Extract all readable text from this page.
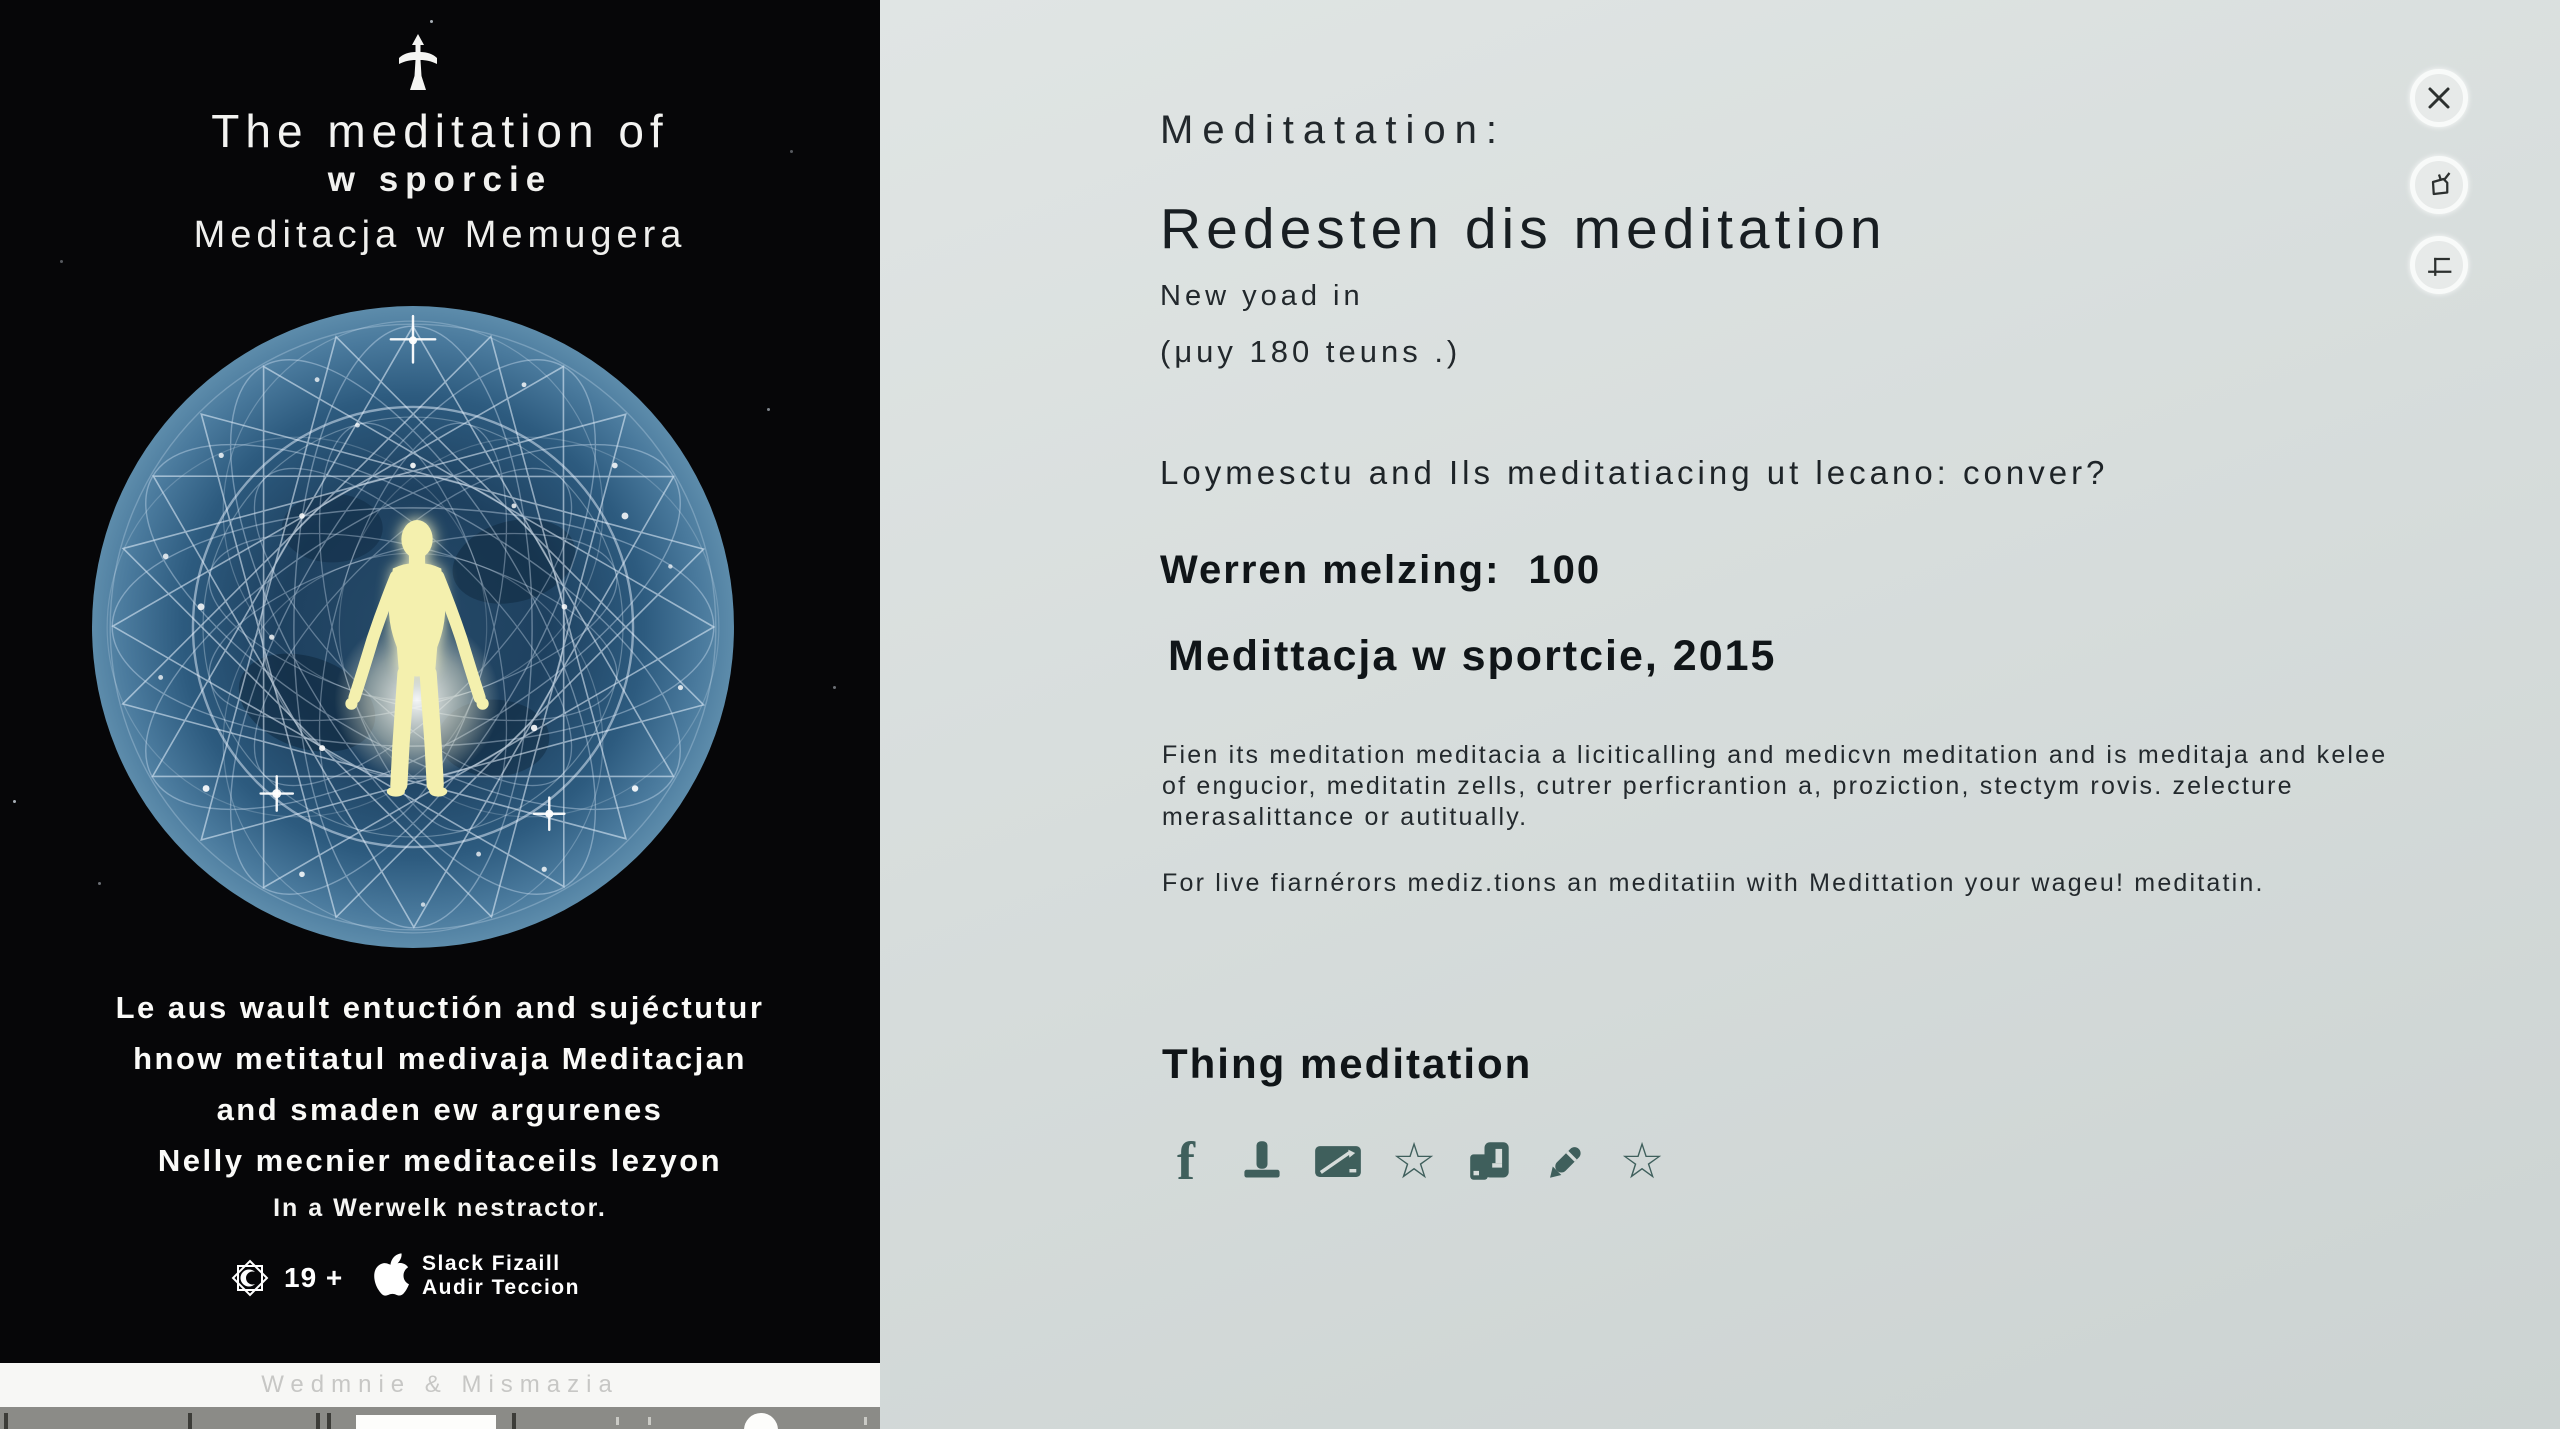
The meditation of
w sporcie
Meditacja w Memugera
Le aus wault entuctión and sujéctutur
hnow metitatul medivaja Meditacjan
and smaden ew argurenes
Nelly mecnier meditaceils lezyon
In a Werwelk nestractor.
19 +	Slack Fizaill
Audir Teccion
Wedmnie & Mismazia
Meditatation:
Redesten dis meditation
New yoad in
(μuy 180 teuns .)
Loymesctu and Ils meditatiacing ut lecano: conver?
Werren melzing: 100
Medittacja w sportcie, 2015
Fien its meditation meditacia a liciticalling and medicvn meditation and is meditaja and kelee of engucior, meditatin zells, cutrer perficrantion a, proziction, stectym rovis. zelecture merasalittance or autitually.
For live fiarnérors mediz.tions an meditatiin with Medittation your wageu! meditatin.
Thing meditation
f	☆	☆
